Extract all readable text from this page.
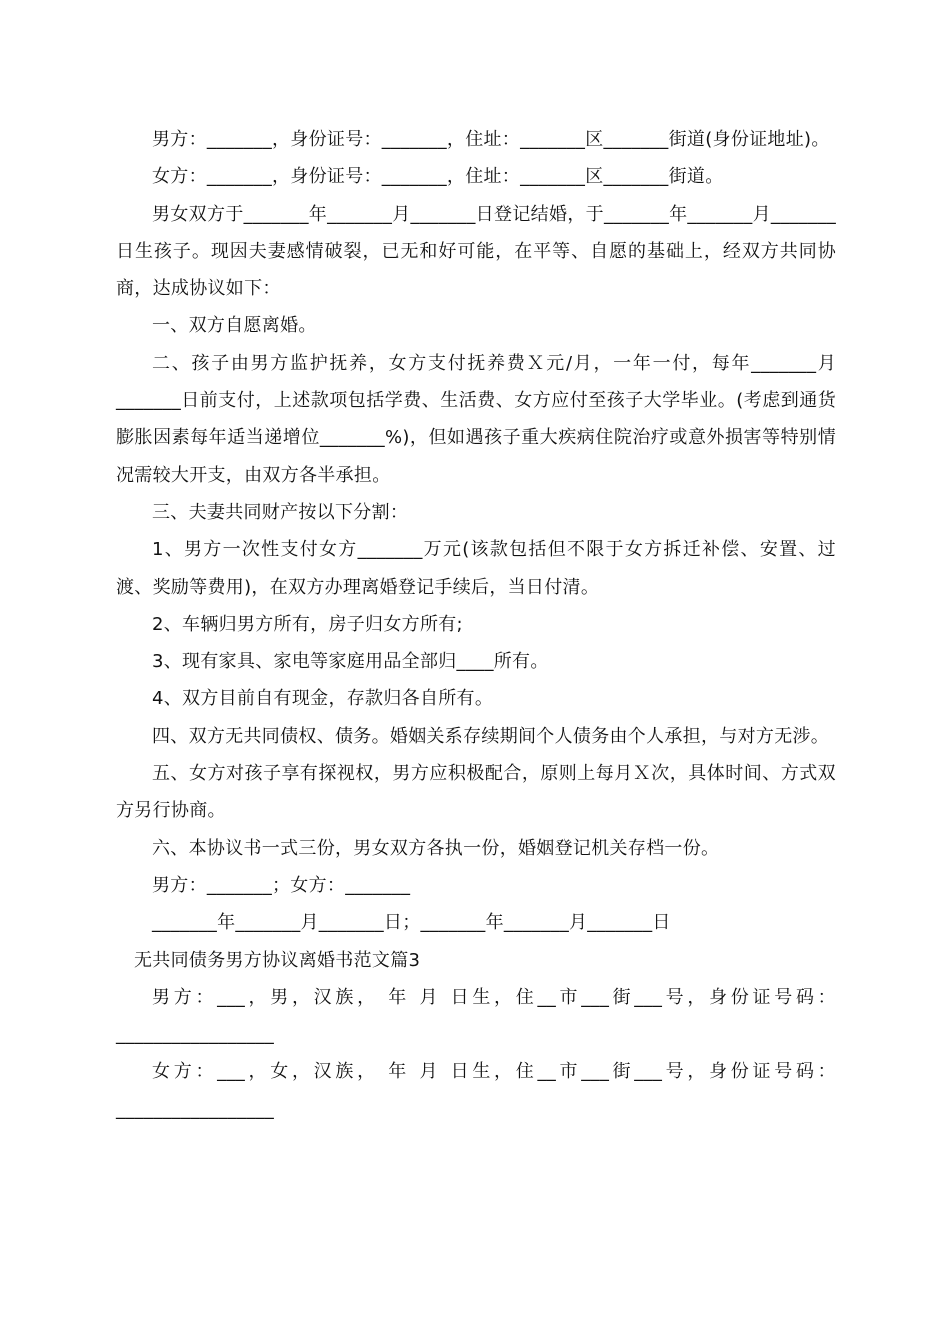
男方：_______，身份证号：_______，住址：_______区_______街道(身份证地址)。

女方：_______，身份证号：_______，住址：_______区_______街道。

男女双方于_______年_______月_______日登记结婚，于_______年_______月_______日生孩子。现因夫妻感情破裂，已无和好可能，在平等、自愿的基础上，经双方共同协商，达成协议如下：

一、双方自愿离婚。

二、孩子由男方监护抚养，女方支付抚养费Ｘ元/月，一年一付，每年_______月_______日前支付，上述款项包括学费、生活费、女方应付至孩子大学毕业。(考虑到通货膨胀因素每年适当递增位_______%)，但如遇孩子重大疾病住院治疗或意外损害等特别情况需较大开支，由双方各半承担。

三、夫妻共同财产按以下分割：

1、男方一次性支付女方_______万元(该款包括但不限于女方拆迁补偿、安置、过渡、奖励等费用)，在双方办理离婚登记手续后，当日付清。

2、车辆归男方所有，房子归女方所有;

3、现有家具、家电等家庭用品全部归____所有。

4、双方目前自有现金，存款归各自所有。

四、双方无共同债权、债务。婚姻关系存续期间个人债务由个人承担，与对方无涉。

五、女方对孩子享有探视权，男方应积极配合，原则上每月Ｘ次，具体时间、方式双方另行协商。

六、本协议书一式三份，男女双方各执一份，婚姻登记机关存档一份。

男方：_______；女方：_______

_______年_______月_______日；_______年_______月_______日

无共同债务男方协议离婚书范文篇3

男方：___，男，汉族， 年 月 日生，住__市___街___号，身份证号码：_________________

女方：___，女，汉族， 年 月 日生，住__市___街___号，身份证号码：_________________
